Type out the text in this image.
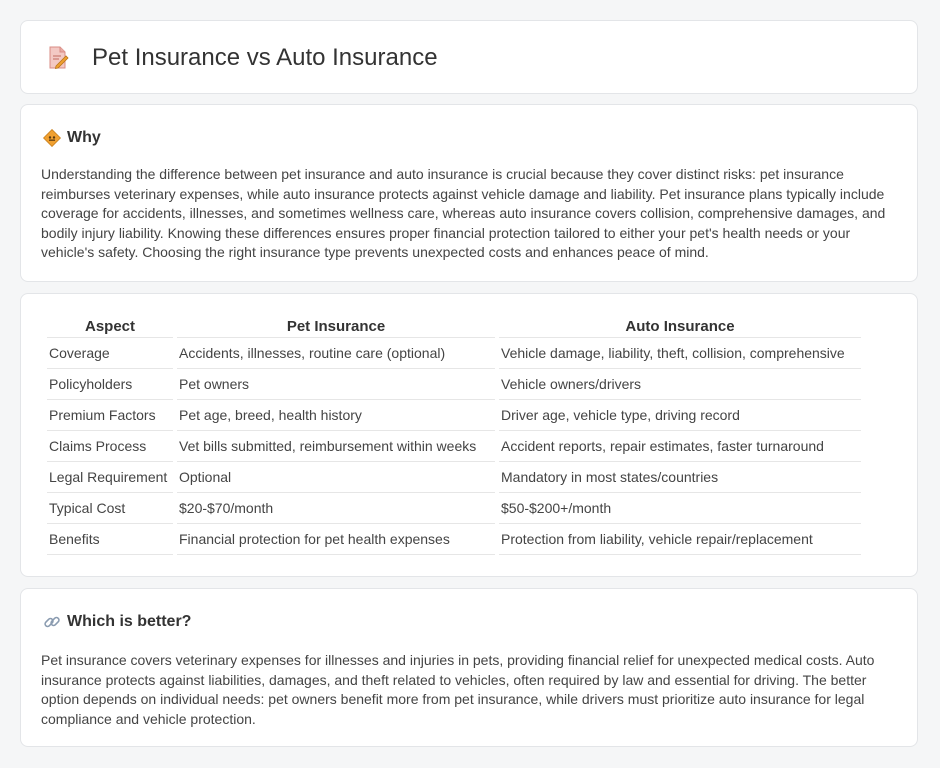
Pet Insurance vs Auto Insurance
Why

Understanding the difference between pet insurance and auto insurance is crucial because they cover distinct risks: pet insurance reimburses veterinary expenses, while auto insurance protects against vehicle damage and liability. Pet insurance plans typically include coverage for accidents, illnesses, and sometimes wellness care, whereas auto insurance covers collision, comprehensive damages, and bodily injury liability. Knowing these differences ensures proper financial protection tailored to either your pet's health needs or your vehicle's safety. Choosing the right insurance type prevents unexpected costs and enhances peace of mind.

Aspect	Pet Insurance	Auto Insurance
Coverage	Accidents, illnesses, routine care (optional)	Vehicle damage, liability, theft, collision, comprehensive
Policyholders	Pet owners	Vehicle owners/drivers
Premium Factors	Pet age, breed, health history	Driver age, vehicle type, driving record
Claims Process	Vet bills submitted, reimbursement within weeks	Accident reports, repair estimates, faster turnaround
Legal Requirement	Optional	Mandatory in most states/countries
Typical Cost	$20-$70/month	$50-$200+/month
Benefits	Financial protection for pet health expenses	Protection from liability, vehicle repair/replacement
Which is better?

Pet insurance covers veterinary expenses for illnesses and injuries in pets, providing financial relief for unexpected medical costs. Auto insurance protects against liabilities, damages, and theft related to vehicles, often required by law and essential for driving. The better option depends on individual needs: pet owners benefit more from pet insurance, while drivers must prioritize auto insurance for legal compliance and vehicle protection.
